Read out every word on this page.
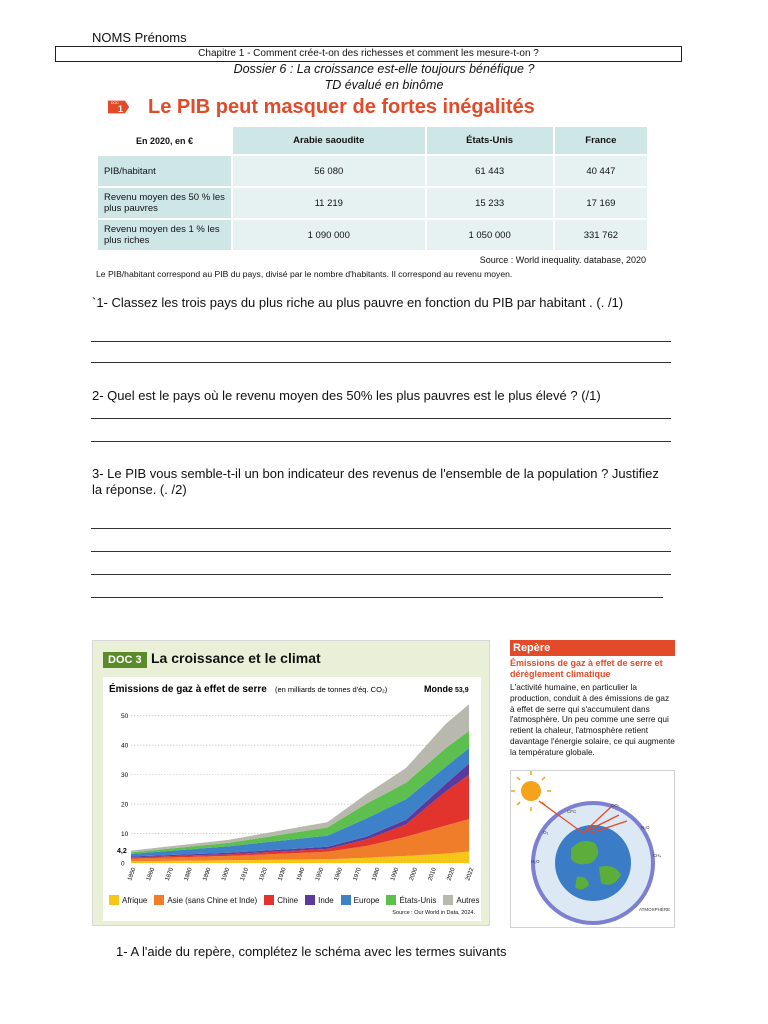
NOMS Prénoms
Chapitre 1 - Comment crée-t-on des richesses et comment les mesure-t-on ?
Dossier 6 : La croissance est-elle toujours bénéfique ?
TD évalué en binôme
DOC
1 Le PIB peut masquer de fortes inégalités
En 2020, en €	Arabie saoudite	États-Unis	France
PIB/habitant	56 080	61 443	40 447
Revenu moyen des 50 % les plus pauvres	11 219	15 233	17 169
Revenu moyen des 1 % les plus riches	1 090 000	1 050 000	331 762
Source : World inequality. database, 2020
Le PIB/habitant correspond au PIB du pays, divisé par le nombre d'habitants. Il correspond au revenu moyen.
`1- Classez les trois pays du plus riche au plus pauvre en fonction du PIB par habitant . (. /1)
2- Quel est le pays où le revenu moyen des 50% les plus pauvres est le plus élevé ? (/1)
3- Le PIB vous semble-t-il un bon indicateur des revenus de l'ensemble de la population ? Justifiez la réponse. (. /2)
DOC 3 La croissance et le climat
Émissions de gaz à effet de serre (en milliards de tonnes d'éq. CO₂)	Monde 53,9
4,2
0
10
20
30
40
50
1850 1860 1870 1880 1890 1900 1910 1920 1930 1940 1950 1960 1970 1980 1990 2000 2010 2020 2022
Afrique	Asie (sans Chine et Inde)	Chine	Inde	Europe	États-Unis	Autres
Source : Our World in Data, 2024.
Repère
Émissions de gaz à effet de serre et dérèglement climatique
L'activité humaine, en particulier la production, conduit à des émissions de gaz à effet de serre qui s'accumulent dans l'atmosphère. Un peu comme une serre qui retient la chaleur, l'atmosphère retient davantage l'énergie solaire, ce qui augmente la température globale.
CFC
CO₂
O₃
N₂O
H₂O
CH₄
ATMOSPHÈRE
1- A l'aide du repère, complétez le schéma avec les termes suivants
